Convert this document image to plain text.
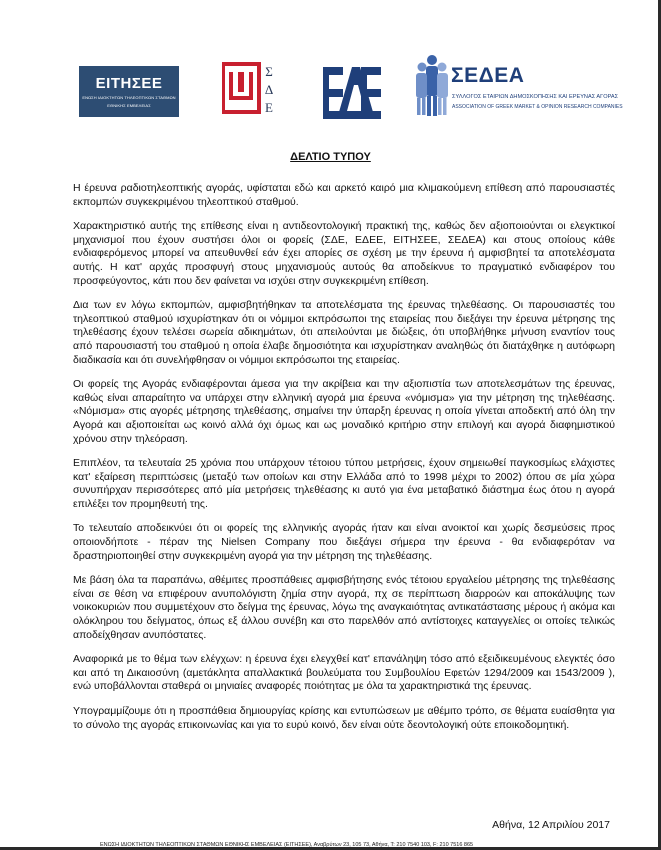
ΕΙΤΗΣΕΕ
ΕΝΩΣΗ ΙΔΙΟΚΤΗΤΩΝ ΤΗΛΕΟΠΤΙΚΩΝ ΣΤΑΘΜΩΝ
ΕΘΝΙΚΗΣ ΕΜΒΕΛΕΙΑΣ
Σ
Δ
Ε
ΣΕΔΕΑ
ΣΥΛΛΟΓΟΣ ΕΤΑΙΡΙΩΝ ΔΗΜΟΣΚΟΠΗΣΗΣ ΚΑΙ ΕΡΕΥΝΑΣ ΑΓΟΡΑΣ
ASSOCIATION OF GREEK MARKET & OPINION RESEARCH COMPANIES
ΔΕΛΤΙΟ ΤΥΠΟΥ

Η έρευνα ραδιοτηλεοπτικής αγοράς, υφίσταται εδώ και αρκετό καιρό μια κλιμακούμενη επίθεση από παρουσιαστές εκπομπών συγκεκριμένου τηλεοπτικού σταθμού.

Χαρακτηριστικό αυτής της επίθεσης είναι η αντιδεοντολογική πρακτική της, καθώς δεν αξιοποιούνται οι ελεγκτικοί μηχανισμοί που έχουν συστήσει όλοι οι φορείς (ΣΔΕ, ΕΔΕΕ, ΕΙΤΗΣΕΕ, ΣΕΔΕΑ) και στους οποίους κάθε ενδιαφερόμενος μπορεί να απευθυνθεί εάν έχει απορίες σε σχέση με την έρευνα ή αμφισβητεί τα αποτελέσματα αυτής. Η κατ' αρχάς προσφυγή στους μηχανισμούς αυτούς θα αποδείκνυε το πραγματικό ενδιαφέρον του προσφεύγοντος, κάτι που δεν φαίνεται να ισχύει στην συγκεκριμένη επίθεση.

Δια των εν λόγω εκπομπών, αμφισβητήθηκαν τα αποτελέσματα της έρευνας τηλεθέασης. Οι παρουσιαστές του τηλεοπτικού σταθμού ισχυρίστηκαν ότι οι νόμιμοι εκπρόσωποι της εταιρείας που διεξάγει την έρευνα μέτρησης της τηλεθέασης έχουν τελέσει σωρεία αδικημάτων, ότι απειλούνται με διώξεις, ότι υποβλήθηκε μήνυση εναντίον τους από παρουσιαστή του σταθμού η οποία έλαβε δημοσιότητα και ισχυρίστηκαν αναληθώς ότι διατάχθηκε η αυτόφωρη διαδικασία και ότι συνελήφθησαν οι νόμιμοι εκπρόσωποι της εταιρείας.

Οι φορείς της Αγοράς ενδιαφέρονται άμεσα για την ακρίβεια και την αξιοπιστία των αποτελεσμάτων της έρευνας, καθώς είναι απαραίτητο να υπάρχει στην ελληνική αγορά μια έρευνα «νόμισμα» για την μέτρηση της τηλεθέασης. «Νόμισμα» στις αγορές μέτρησης τηλεθέασης, σημαίνει την ύπαρξη έρευνας η οποία γίνεται αποδεκτή από όλη την Αγορά και αξιοποιείται ως κοινό αλλά όχι όμως και ως μοναδικό κριτήριο στην επιλογή και αγορά διαφημιστικού χρόνου στην τηλεόραση.

Επιπλέον, τα τελευταία 25 χρόνια που υπάρχουν τέτοιου τύπου μετρήσεις, έχουν σημειωθεί παγκοσμίως ελάχιστες κατ' εξαίρεση περιπτώσεις (μεταξύ των οποίων και στην Ελλάδα από το 1998 μέχρι το 2002) όπου σε μία χώρα συνυπήρχαν περισσότερες από μία μετρήσεις τηλεθέασης κι αυτό για ένα μεταβατικό διάστημα έως ότου η αγορά επιλέξει τον προμηθευτή της.

Το τελευταίο αποδεικνύει ότι οι φορείς της ελληνικής αγοράς ήταν και είναι ανοικτοί και χωρίς δεσμεύσεις προς οποιονδήποτε - πέραν της Nielsen Company που διεξάγει σήμερα την έρευνα - θα ενδιαφερόταν να δραστηριοποιηθεί στην συγκεκριμένη αγορά για την μέτρηση της τηλεθέασης.

Με βάση όλα τα παραπάνω, αθέμιτες προσπάθειες αμφισβήτησης ενός τέτοιου εργαλείου μέτρησης της τηλεθέασης είναι σε θέση να επιφέρουν ανυπολόγιστη ζημία στην αγορά, πχ σε περίπτωση διαρροών και αποκάλυψης των νοικοκυριών που συμμετέχουν στο δείγμα της έρευνας, λόγω της αναγκαιότητας αντικατάστασης μέρους ή ακόμα και ολόκληρου του δείγματος, όπως εξ άλλου συνέβη και στο παρελθόν από αντίστοιχες καταγγελίες οι οποίες τελικώς αποδείχθησαν ανυπόστατες.

Αναφορικά με το θέμα των ελέγχων: η έρευνα έχει ελεγχθεί κατ' επανάληψη τόσο από εξειδικευμένους ελεγκτές όσο και από τη Δικαιοσύνη (αμετάκλητα απαλλακτικά βουλεύματα του Συμβουλίου Εφετών 1294/2009 και 1543/2009 ), ενώ υποβάλλονται σταθερά οι μηνιαίες αναφορές ποιότητας με όλα τα χαρακτηριστικά της έρευνας.

Υπογραμμίζουμε ότι η προσπάθεια δημιουργίας κρίσης και εντυπώσεων με αθέμιτο τρόπο, σε θέματα ευαίσθητα για το σύνολο της αγοράς επικοινωνίας και για το ευρύ κοινό, δεν είναι ούτε δεοντολογική ούτε εποικοδομητική.

Αθήνα, 12 Απριλίου 2017
ΕΝΩΣΗ ΙΔΙΟΚΤΗΤΩΝ ΤΗΛΕΟΠΤΙΚΩΝ ΣΤΑΘΜΩΝ ΕΘΝΙΚΗΣ ΕΜΒΕΛΕΙΑΣ (ΕΙΤΗΣΕΕ), Αναβρύτων 23, 105 73, Αθήνα, Τ: 210 7540 103, F: 210 7516 865
